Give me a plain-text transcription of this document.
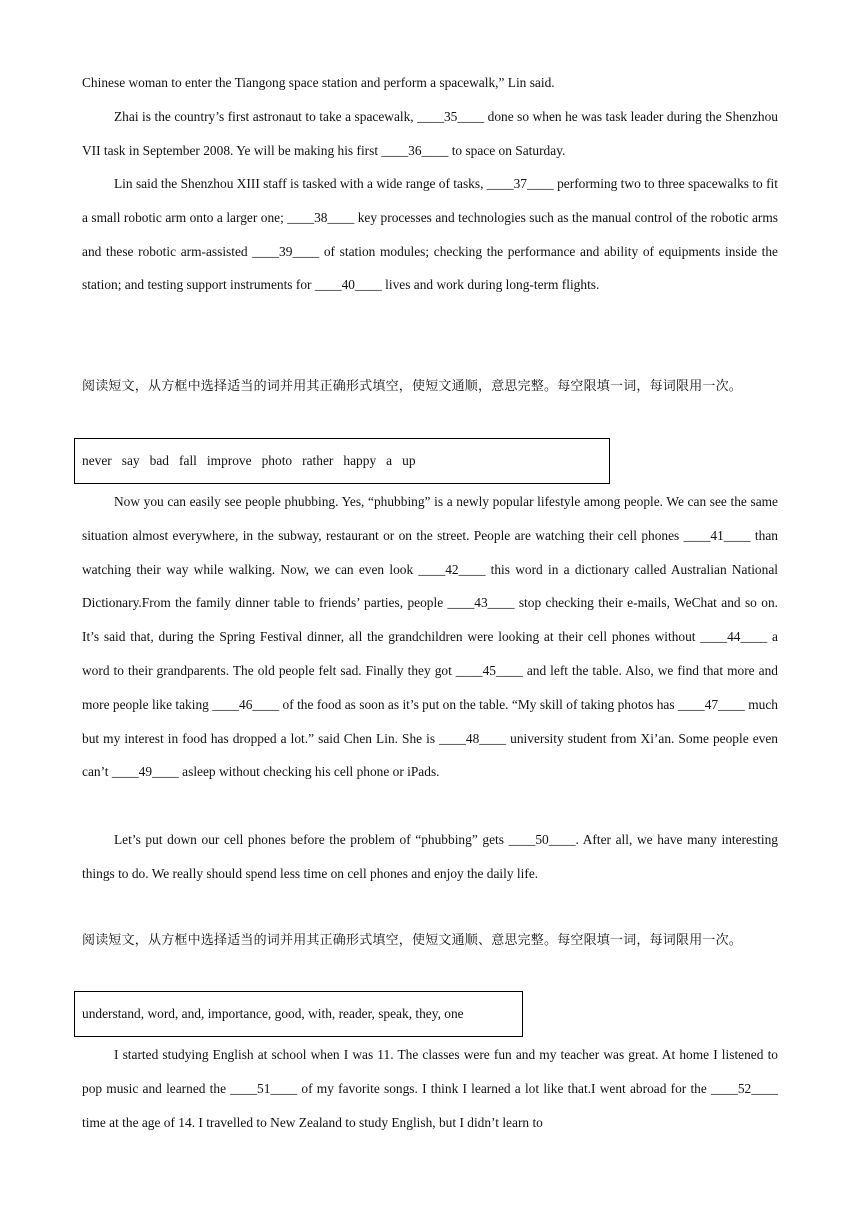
Chinese woman to enter the Tiangong space station and perform a spacewalk,” Lin said.

Zhai is the country’s first astronaut to take a spacewalk, ____35____ done so when he was task leader during the Shenzhou VII task in September 2008. Ye will be making his first ____36____ to space on Saturday.

Lin said the Shenzhou XIII staff is tasked with a wide range of tasks, ____37____ performing two to three spacewalks to fit a small robotic arm onto a larger one; ____38____ key processes and technologies such as the manual control of the robotic arms and these robotic arm-assisted ____39____ of station modules; checking the performance and ability of equipments inside the station; and testing support instruments for ____40____ lives and work during long-term flights.

阅读短文，从方框中选择适当的词并用其正确形式填空，使短文通顺，意思完整。每空限填一词，每词限用一次。

never   say   bad   fall   improve   photo   rather   happy   a   up

Now you can easily see people phubbing. Yes, “phubbing” is a newly popular lifestyle among people. We can see the same situation almost everywhere, in the subway, restaurant or on the street. People are watching their cell phones ____41____ than watching their way while walking. Now, we can even look ____42____ this word in a dictionary called Australian National Dictionary.From the family dinner table to friends’ parties, people ____43____ stop checking their e-mails, WeChat and so on. It’s said that, during the Spring Festival dinner, all the grandchildren were looking at their cell phones without ____44____ a word to their grandparents. The old people felt sad. Finally they got ____45____ and left the table. Also, we find that more and more people like taking ____46____ of the food as soon as it’s put on the table. “My skill of taking photos has ____47____ much but my interest in food has dropped a lot.” said Chen Lin. She is ____48____ university student from Xi’an. Some people even can’t ____49____ asleep without checking his cell phone or iPads.

Let’s put down our cell phones before the problem of “phubbing” gets ____50____. After all, we have many interesting things to do. We really should spend less time on cell phones and enjoy the daily life.

阅读短文，从方框中选择适当的词并用其正确形式填空，使短文通顺、意思完整。每空限填一词，每词限用一次。

understand, word, and, importance, good, with, reader, speak, they, one

I started studying English at school when I was 11. The classes were fun and my teacher was great. At home I listened to pop music and learned the ____51____ of my favorite songs. I think I learned a lot like that.I went abroad for the ____52____ time at the age of 14. I travelled to New Zealand to study English, but I didn’t learn to
